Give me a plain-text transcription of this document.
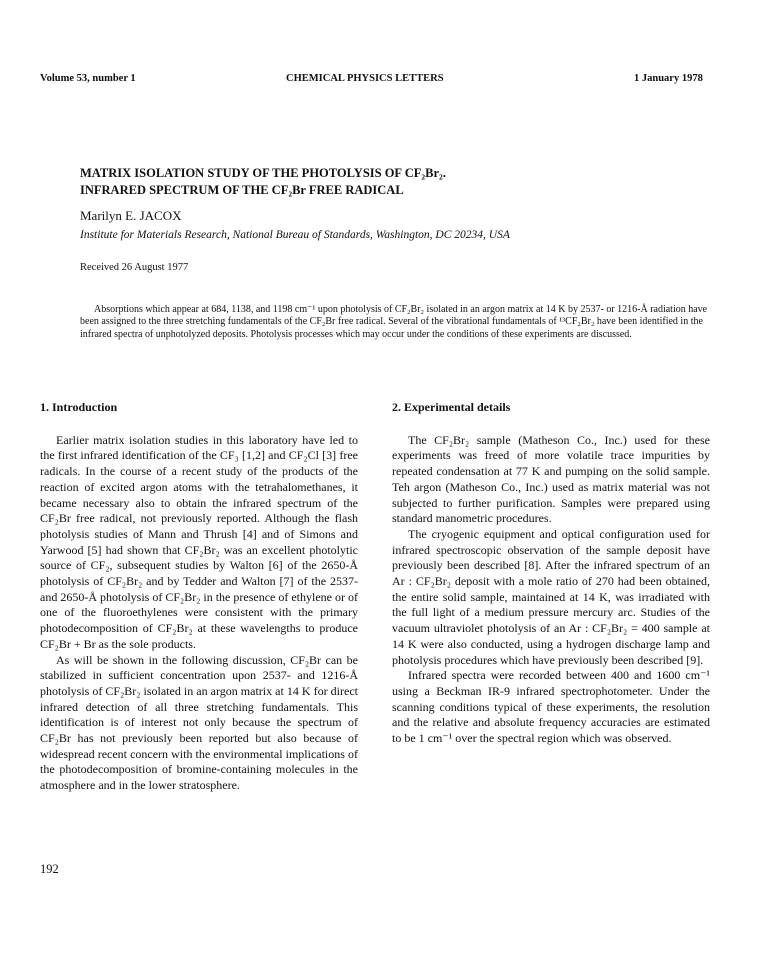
Volume 53, number 1	CHEMICAL PHYSICS LETTERS	1 January 1978
MATRIX ISOLATION STUDY OF THE PHOTOLYSIS OF CF₂Br₂.
INFRARED SPECTRUM OF THE CF₂Br FREE RADICAL
Marilyn E. JACOX
Institute for Materials Research, National Bureau of Standards, Washington, DC 20234, USA
Received 26 August 1977

Absorptions which appear at 684, 1138, and 1198 cm⁻¹ upon photolysis of CF₂Br₂ isolated in an argon matrix at 14 K by 2537- or 1216-Å radiation have been assigned to the three stretching fundamentals of the CF₂Br free radical. Several of the vibrational fundamentals of ¹³CF₂Br₂ have been identified in the infrared spectra of unphotolyzed deposits. Photolysis processes which may occur under the conditions of these experiments are discussed.

1. Introduction

Earlier matrix isolation studies in this laboratory have led to the first infrared identification of the CF₃ [1,2] and CF₂Cl [3] free radicals. In the course of a recent study of the products of the reaction of excited argon atoms with the tetrahalomethanes, it became necessary also to obtain the infrared spectrum of the CF₂Br free radical, not previously reported. Although the flash photolysis studies of Mann and Thrush [4] and of Simons and Yarwood [5] had shown that CF₂Br₂ was an excellent photolytic source of CF₂, subsequent studies by Walton [6] of the 2650-Å photolysis of CF₂Br₂ and by Tedder and Walton [7] of the 2537- and 2650-Å photolysis of CF₂Br₂ in the presence of ethylene or of one of the fluoroethylenes were consistent with the primary photodecomposition of CF₂Br₂ at these wavelengths to produce CF₂Br + Br as the sole products.

As will be shown in the following discussion, CF₂Br can be stabilized in sufficient concentration upon 2537- and 1216-Å photolysis of CF₂Br₂ isolated in an argon matrix at 14 K for direct infrared detection of all three stretching fundamentals. This identification is of interest not only because the spectrum of CF₂Br has not previously been reported but also because of widespread recent concern with the environmental implications of the photodecomposition of bromine-containing molecules in the atmosphere and in the lower stratosphere.

2. Experimental details

The CF₂Br₂ sample (Matheson Co., Inc.) used for these experiments was freed of more volatile trace impurities by repeated condensation at 77 K and pumping on the solid sample. Teh argon (Matheson Co., Inc.) used as matrix material was not subjected to further purification. Samples were prepared using standard manometric procedures.

The cryogenic equipment and optical configuration used for infrared spectroscopic observation of the sample deposit have previously been described [8]. After the infrared spectrum of an Ar : CF₂Br₂ deposit with a mole ratio of 270 had been obtained, the entire solid sample, maintained at 14 K, was irradiated with the full light of a medium pressure mercury arc. Studies of the vacuum ultraviolet photolysis of an Ar : CF₂Br₂ = 400 sample at 14 K were also conducted, using a hydrogen discharge lamp and photolysis procedures which have previously been described [9].

Infrared spectra were recorded between 400 and 1600 cm⁻¹ using a Beckman IR-9 infrared spectrophotometer. Under the scanning conditions typical of these experiments, the resolution and the relative and absolute frequency accuracies are estimated to be 1 cm⁻¹ over the spectral region which was observed.

192
